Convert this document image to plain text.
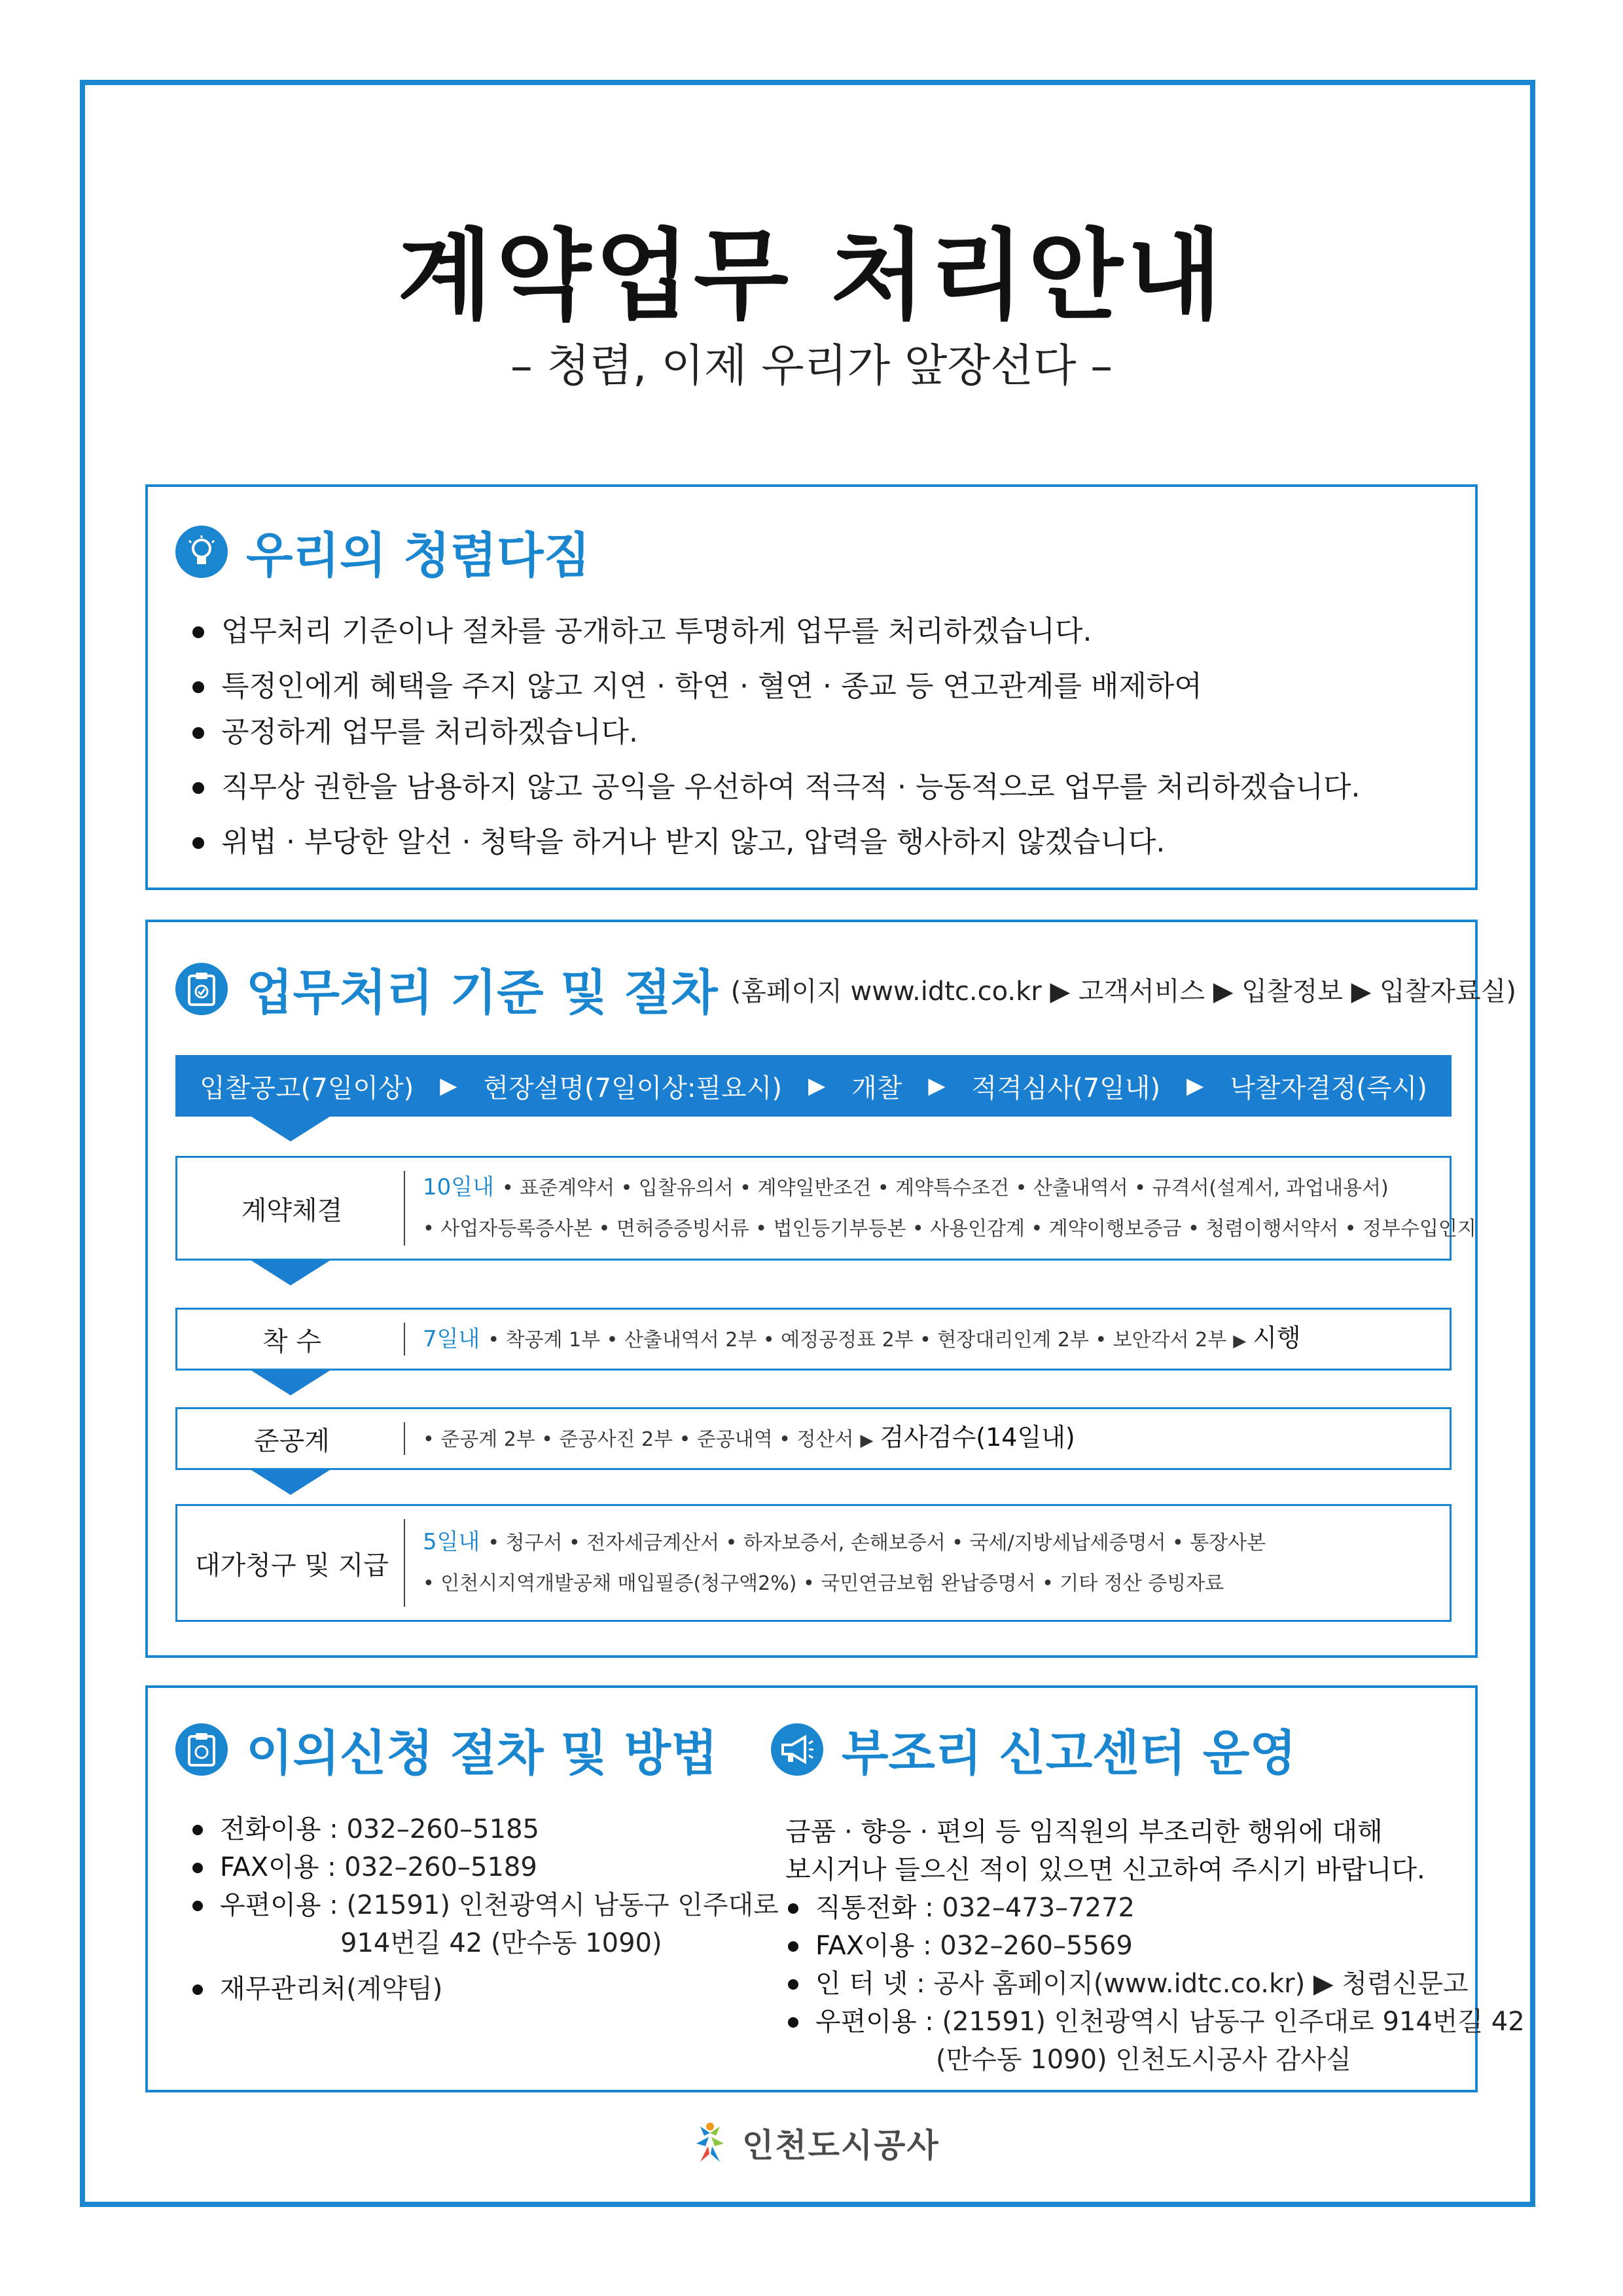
계약업무 처리안내
– 청렴, 이제 우리가 앞장선다 –
우리의 청렴다짐
업무처리 기준이나 절차를 공개하고 투명하게 업무를 처리하겠습니다.
특정인에게 혜택을 주지 않고 지연 · 학연 · 혈연 · 종교 등 연고관계를 배제하여
공정하게 업무를 처리하겠습니다.
직무상 권한을 남용하지 않고 공익을 우선하여 적극적 · 능동적으로 업무를 처리하겠습니다.
위법 · 부당한 알선 · 청탁을 하거나 받지 않고, 압력을 행사하지 않겠습니다.
업무처리 기준 및 절차 (홈페이지 www.idtc.co.kr ▶ 고객서비스 ▶ 입찰정보 ▶ 입찰자료실)
입찰공고(7일이상) ▶ 현장설명(7일이상:필요시) ▶ 개찰 ▶ 적격심사(7일내) ▶ 낙찰자결정(즉시)
계약체결
10일내 • 표준계약서 • 입찰유의서 • 계약일반조건 • 계약특수조건 • 산출내역서 • 규격서(설계서, 과업내용서)
• 사업자등록증사본 • 면허증증빙서류 • 법인등기부등본 • 사용인감계 • 계약이행보증금 • 청렴이행서약서 • 정부수입인지
착 수	7일내 • 착공계 1부 • 산출내역서 2부 • 예정공정표 2부 • 현장대리인계 2부 • 보안각서 2부 ▶ 시행
준공계	• 준공계 2부 • 준공사진 2부 • 준공내역 • 정산서 ▶ 검사검수(14일내)
대가청구 및 지급
5일내 • 청구서 • 전자세금계산서 • 하자보증서, 손해보증서 • 국세/지방세납세증명서 • 통장사본
• 인천시지역개발공채 매입필증(청구액2%) • 국민연금보험 완납증명서 • 기타 정산 증빙자료
이의신청 절차 및 방법
전화이용 : 032–260–5185
FAX이용 : 032–260–5189
우편이용 : (21591) 인천광역시 남동구 인주대로
914번길 42 (만수동 1090)
재무관리처(계약팀)
부조리 신고센터 운영
금품 · 향응 · 편의 등 임직원의 부조리한 행위에 대해
보시거나 들으신 적이 있으면 신고하여 주시기 바랍니다.
직통전화 : 032–473–7272
FAX이용 : 032–260–5569
인 터 넷 : 공사 홈페이지(www.idtc.co.kr) ▶ 청렴신문고
우편이용 : (21591) 인천광역시 남동구 인주대로 914번길 42
(만수동 1090) 인천도시공사 감사실
인천도시공사
